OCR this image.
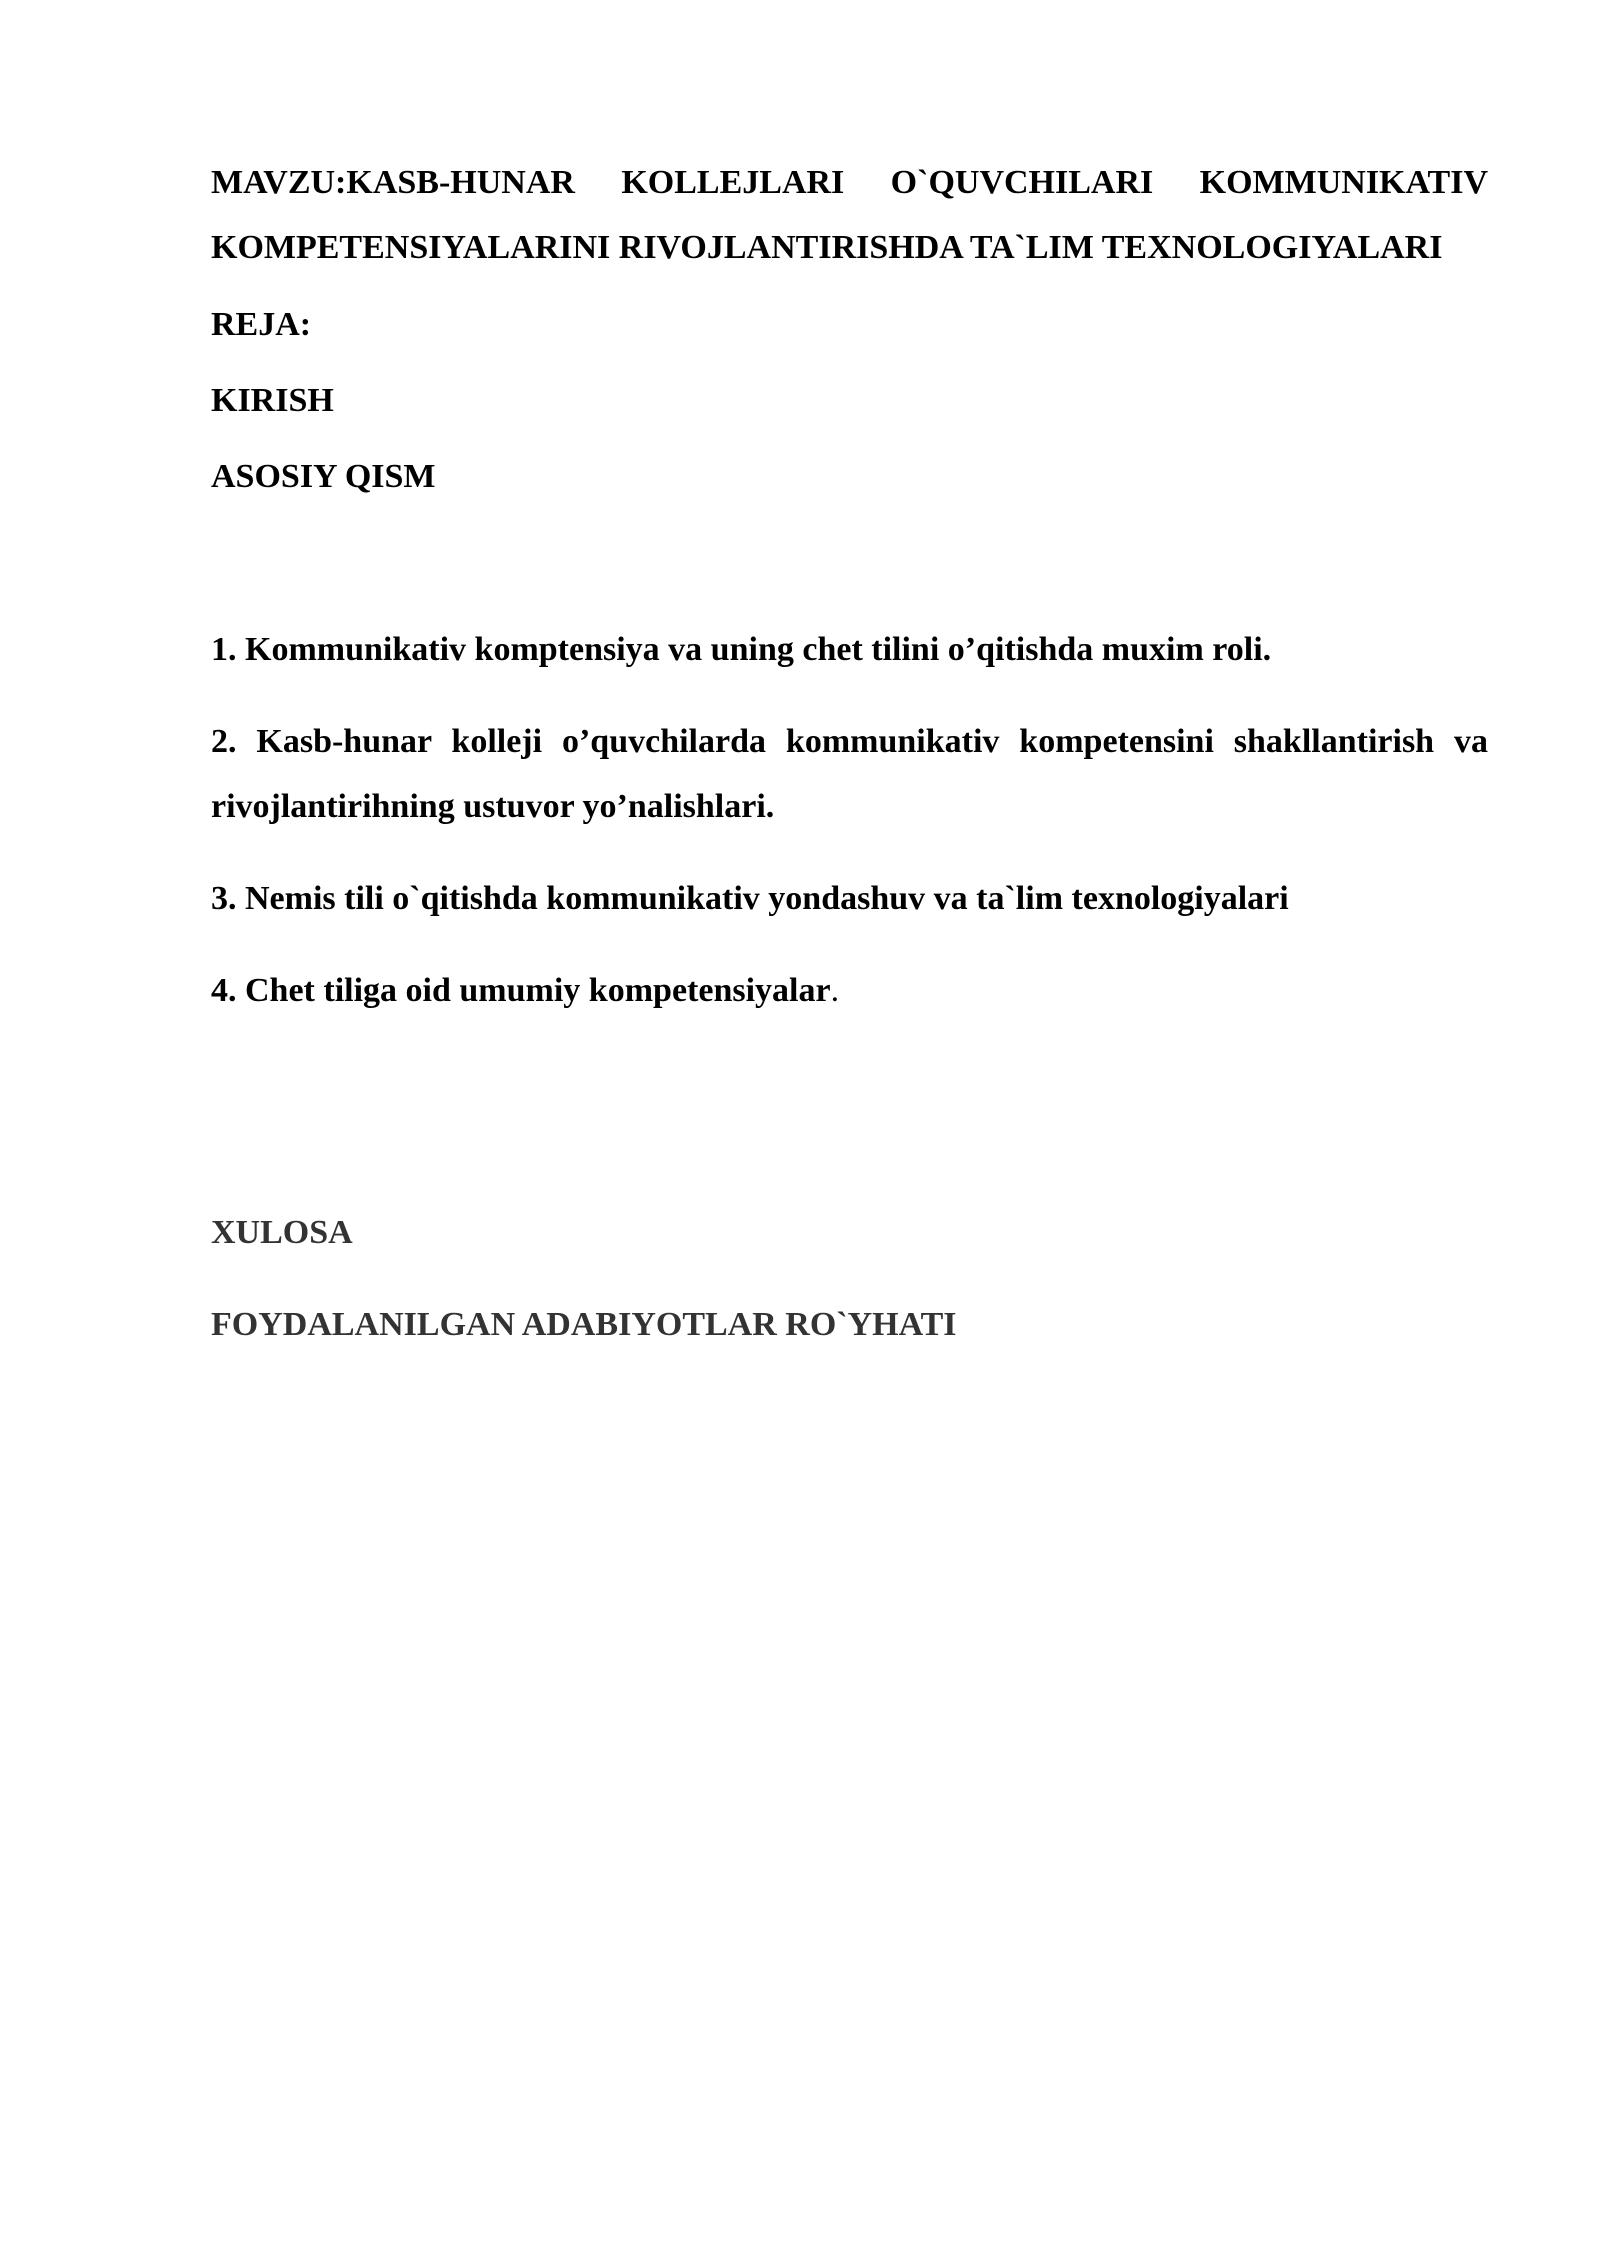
MAVZU:KASB-HUNAR KOLLEJLARI O`QUVCHILARI KOMMUNIKATIV KOMPETENSIYALARINI RIVOJLANTIRISHDA TA`LIM TEXNOLOGIYALARI

REJA:

KIRISH

ASOSIY QISM

1. Kommunikativ komptensiya va uning chet tilini o’qitishda muxim roli.

2. Kasb-hunar kolleji o’quvchilarda kommunikativ kompetensini shakllantirish va rivojlantirihning ustuvor yo’nalishlari.

3. Nemis tili o`qitishda kommunikativ yondashuv va ta`lim texnologiyalari

4. Chet tiliga oid umumiy kompetensiyalar.

XULOSA

FOYDALANILGAN ADABIYOTLAR RO`YHATI
